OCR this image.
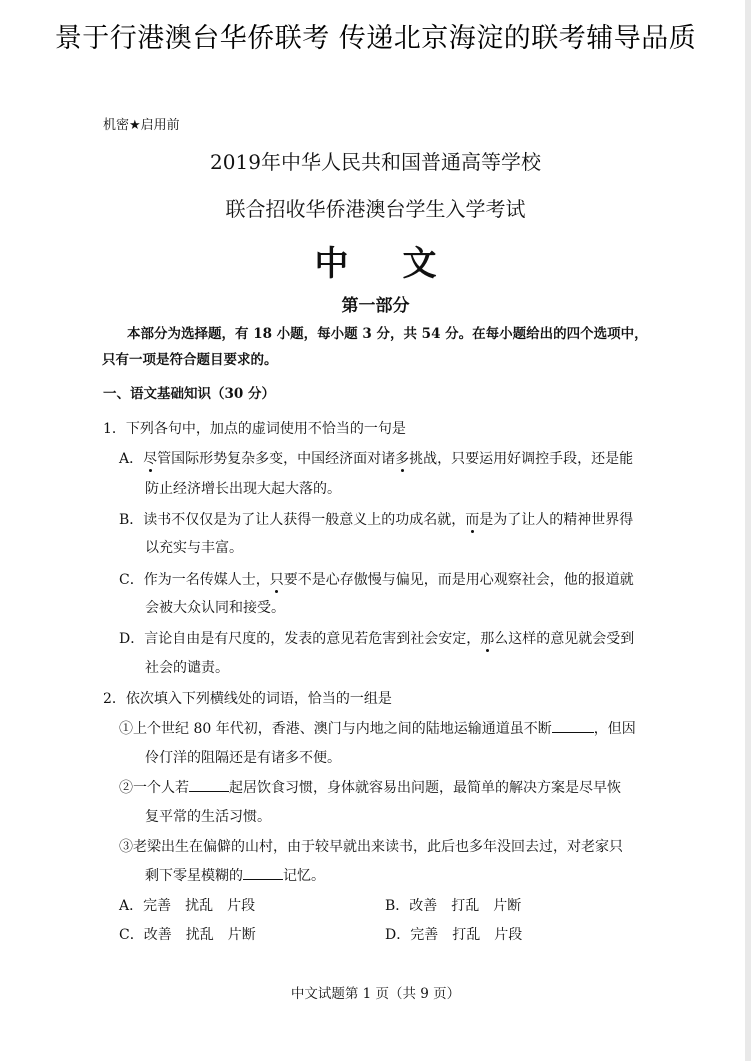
景于行港澳台华侨联考 传递北京海淀的联考辅导品质
机密★启用前
2019年中华人民共和国普通高等学校
联合招收华侨港澳台学生入学考试
中文
第一部分
本部分为选择题，有 18 小题，每小题 3 分，共 54 分。在每小题给出的四个选项中，
只有一项是符合题目要求的。
一、语文基础知识（30 分）
1．下列各句中，加点的虚词使用不恰当的一句是
A．尽管国际形势复杂多变，中国经济面对诸多挑战，只要运用好调控手段，还是能
防止经济增长出现大起大落的。
B．读书不仅仅是为了让人获得一般意义上的功成名就，而是为了让人的精神世界得
以充实与丰富。
C．作为一名传媒人士，只要不是心存傲慢与偏见，而是用心观察社会，他的报道就
会被大众认同和接受。
D．言论自由是有尺度的，发表的意见若危害到社会安定，那么这样的意见就会受到
社会的谴责。
2．依次填入下列横线处的词语，恰当的一组是
①上个世纪 80 年代初，香港、澳门与内地之间的陆地运输通道虽不断	，但因
伶仃洋的阻隔还是有诸多不便。
②一个人若	起居饮食习惯，身体就容易出问题，最简单的解决方案是尽早恢
复平常的生活习惯。
③老梁出生在偏僻的山村，由于较早就出来读书，此后也多年没回去过，对老家只
剩下零星模糊的	记忆。
A．完善　扰乱　片段	B．改善　打乱　片断
C．改善　扰乱　片断	D．完善　打乱　片段
中文试题第 1 页（共 9 页）
